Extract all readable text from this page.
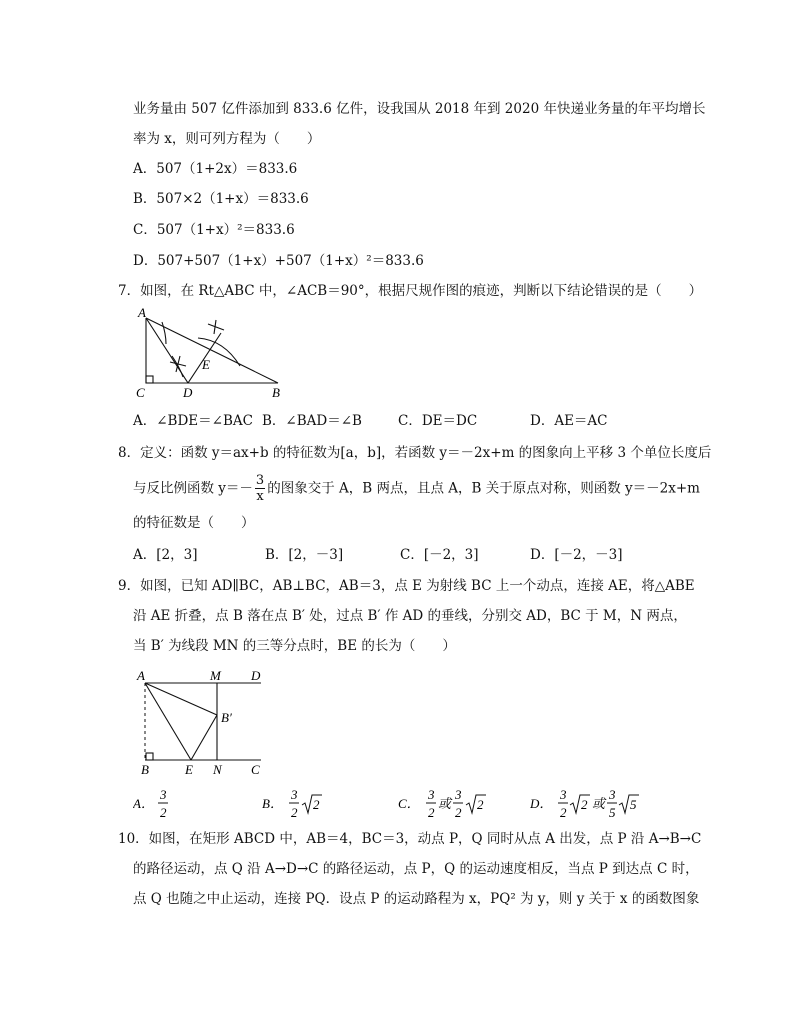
业务量由 507 亿件添加到 833.6 亿件，设我国从 2018 年到 2020 年快递业务量的年平均增长
率为 x，则可列方程为（　　）
A．507（1+2x）＝833.6
B．507×2（1+x）＝833.6
C．507（1+x）²＝833.6
D．507+507（1+x）+507（1+x）²＝833.6
7．如图，在 Rt△ABC 中，∠ACB＝90°，根据尺规作图的痕迹，判断以下结论错误的是（　　）
A
C	D	B
E
A．∠BDE＝∠BAC B．∠BAD＝∠B	C．DE＝DC	D．AE＝AC
8．定义：函数 y＝ax+b 的特征数为[a，b]，若函数 y＝－2x+m 的图象向上平移 3 个单位长度后
与反比例函数 $y=- \frac{3}{x}$ 的图象交于 A，B 两点，且点 A，B 关于原点对称，则函数 y＝－2x+m
的特征数是（　　）
A．[2，3]	B．[2，－3]	C．[－2，3]	D．[－2，－3]
9．如图，已知 AD∥BC，AB⊥BC，AB＝3，点 E 为射线 BC 上一个动点，连接 AE，将△ABE
沿 AE 折叠，点 B 落在点 B′ 处，过点 B′ 作 AD 的垂线，分别交 AD，BC 于 M，N 两点，
当 B′ 为线段 MN 的三等分点时，BE 的长为（　　）
A	M D
B′
B	E N C
A．
3
2
B．
3
2
2	C．
3
2
或
3
2
2	D．
3
2
2 或
3
5
5
10．如图，在矩形 ABCD 中，AB＝4，BC＝3，动点 P，Q 同时从点 A 出发，点 P 沿 A→B→C
的路径运动，点 Q 沿 A→D→C 的路径运动，点 P，Q 的运动速度相反，当点 P 到达点 C 时，
点 Q 也随之中止运动，连接 PQ．设点 P 的运动路程为 x，PQ² 为 y，则 y 关于 x 的函数图象
